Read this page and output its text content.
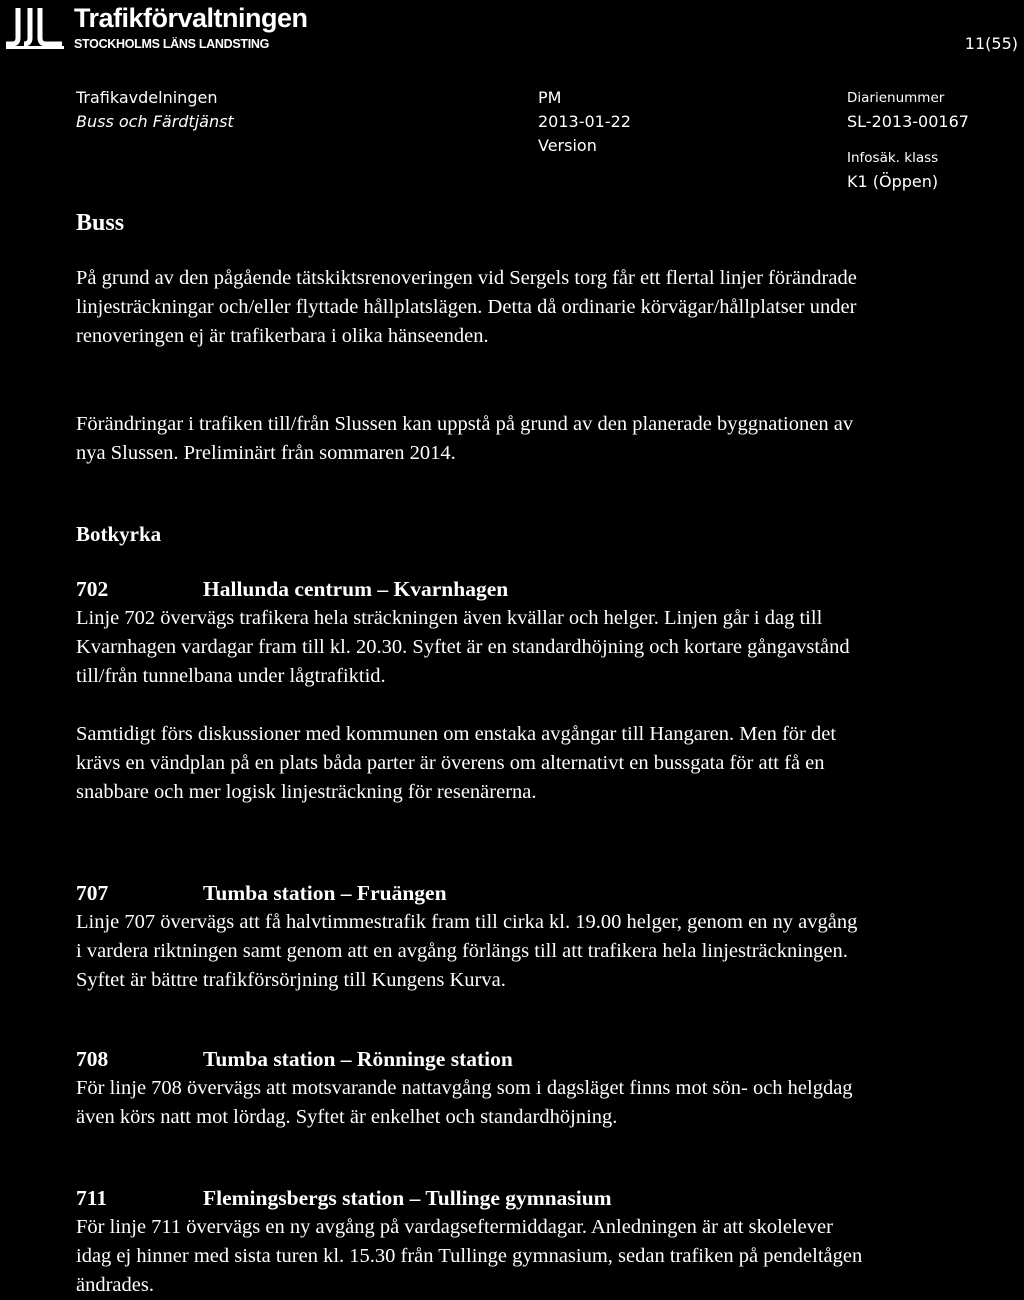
Trafikförvaltningen
STOCKHOLMS LÄNS LANDSTING	11(55)
Trafikavdelningen
Buss och Färdtjänst
PM
2013-01-22
Version
Diarienummer
SL-2013-00167
Infosäk. klass
K1 (Öppen)
Buss

På grund av den pågående tätskiktsrenoveringen vid Sergels torg får ett flertal linjer förändrade linjesträckningar och/eller flyttade hållplatslägen. Detta då ordinarie körvägar/hållplatser under renoveringen ej är trafikerbara i olika hänseenden.

Förändringar i trafiken till/från Slussen kan uppstå på grund av den planerade byggnationen av nya Slussen. Preliminärt från sommaren 2014.

Botkyrka
702	Hallunda centrum – Kvarnhagen

Linje 702 övervägs trafikera hela sträckningen även kvällar och helger. Linjen går i dag till Kvarnhagen vardagar fram till kl. 20.30. Syftet är en standardhöjning och kortare gångavstånd till/från tunnelbana under lågtrafiktid.

Samtidigt förs diskussioner med kommunen om enstaka avgångar till Hangaren. Men för det krävs en vändplan på en plats båda parter är överens om alternativt en bussgata för att få en snabbare och mer logisk linjesträckning för resenärerna.

707	Tumba station – Fruängen

Linje 707 övervägs att få halvtimmestrafik fram till cirka kl. 19.00 helger, genom en ny avgång i vardera riktningen samt genom att en avgång förlängs till att trafikera hela linjesträckningen. Syftet är bättre trafikförsörjning till Kungens Kurva.

708	Tumba station – Rönninge station

För linje 708 övervägs att motsvarande nattavgång som i dagsläget finns mot sön- och helgdag även körs natt mot lördag. Syftet är enkelhet och standardhöjning.

711	Flemingsbergs station – Tullinge gymnasium

För linje 711 övervägs en ny avgång på vardagseftermiddagar. Anledningen är att skolelever idag ej hinner med sista turen kl. 15.30 från Tullinge gymnasium, sedan trafiken på pendeltågen ändrades.
